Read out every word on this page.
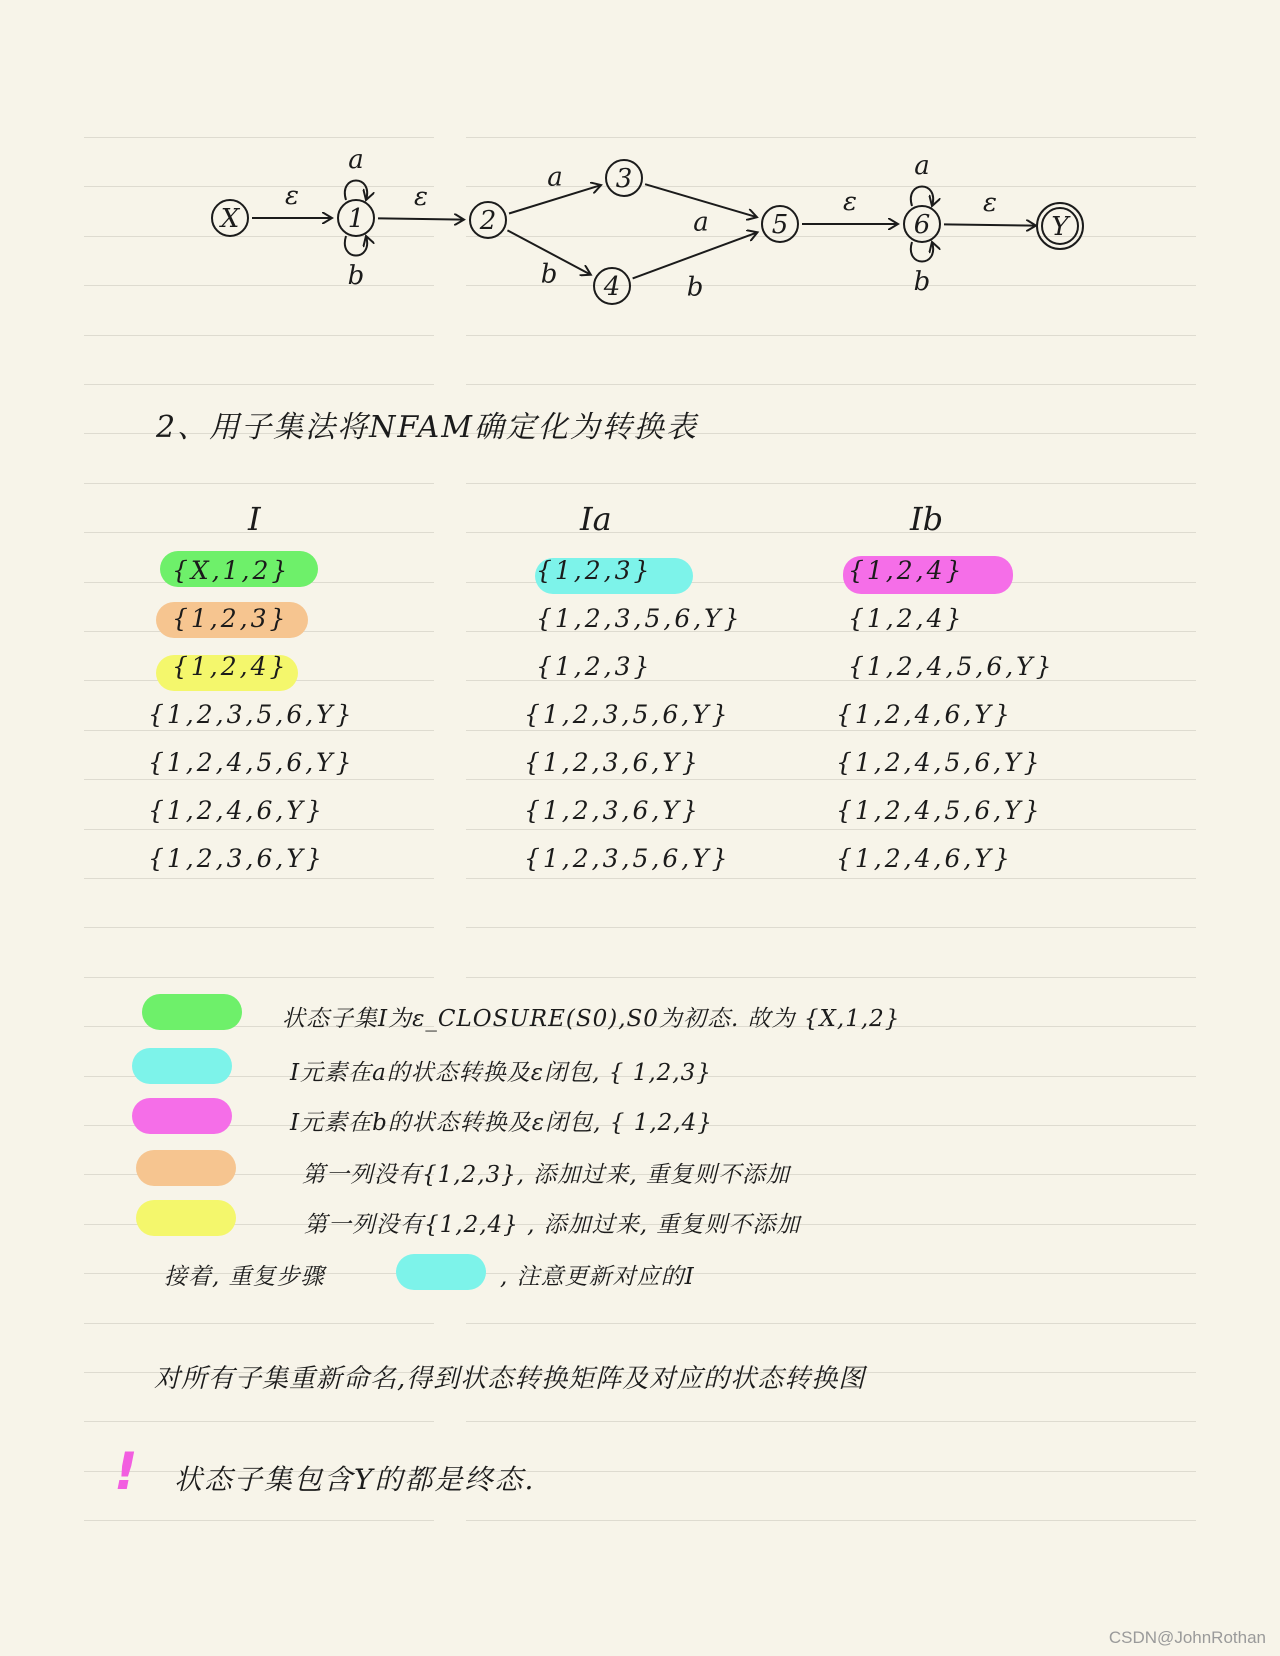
ε
a
b
ε
a
a
b	b
ε
a
b
ε
X	1	2
3
4
5	6	Y
2、用子集法将NFAM确定化为转换表
I	Ia	Ib
{X,1,2}	{1,2,3}	{1,2,4}
{1,2,3}	{1,2,3,5,6,Y}	{1,2,4}
{1,2,4}	{1,2,3}	{1,2,4,5,6,Y}
{1,2,3,5,6,Y}	{1,2,3,5,6,Y}	{1,2,4,6,Y}
{1,2,4,5,6,Y}	{1,2,3,6,Y}	{1,2,4,5,6,Y}
{1,2,4,6,Y}	{1,2,3,6,Y}	{1,2,4,5,6,Y}
{1,2,3,6,Y}	{1,2,3,5,6,Y}	{1,2,4,6,Y}
状态子集I为ε_CLOSURE(S0),S0为初态. 故为 {X,1,2}
I元素在a的状态转换及ε闭包, { 1,2,3}
I元素在b的状态转换及ε闭包, { 1,2,4}
第一列没有{1,2,3}, 添加过来, 重复则不添加
第一列没有{1,2,4} , 添加过来, 重复则不添加
接着, 重复步骤	, 注意更新对应的I
对所有子集重新命名,得到状态转换矩阵及对应的状态转换图
! 状态子集包含Y的都是终态.
CSDN@JohnRothan
